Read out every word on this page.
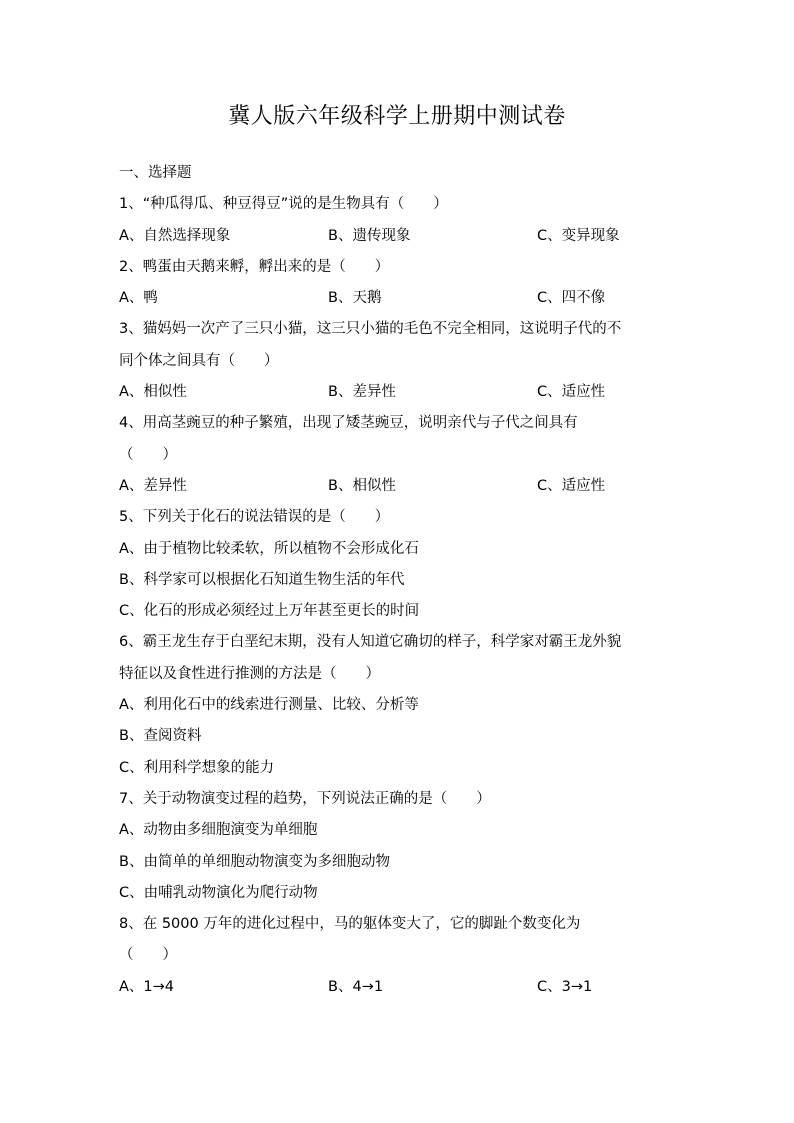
冀人版六年级科学上册期中测试卷
一、选择题
1、“种瓜得瓜、种豆得豆”说的是生物具有（　　）
A、自然选择现象	B、遗传现象	C、变异现象
2、鸭蛋由天鹅来孵，孵出来的是（　　）
A、鸭	B、天鹅	C、四不像
3、猫妈妈一次产了三只小猫，这三只小猫的毛色不完全相同，这说明子代的不
同个体之间具有（　　）
A、相似性	B、差异性	C、适应性
4、用高茎豌豆的种子繁殖，出现了矮茎豌豆，说明亲代与子代之间具有
（　　）
A、差异性	B、相似性	C、适应性
5、下列关于化石的说法错误的是（　　）
A、由于植物比较柔软，所以植物不会形成化石
B、科学家可以根据化石知道生物生活的年代
C、化石的形成必须经过上万年甚至更长的时间
6、霸王龙生存于白垩纪末期，没有人知道它确切的样子，科学家对霸王龙外貌
特征以及食性进行推测的方法是（　　）
A、利用化石中的线索进行测量、比较、分析等
B、查阅资料
C、利用科学想象的能力
7、关于动物演变过程的趋势，下列说法正确的是（　　）
A、动物由多细胞演变为单细胞
B、由简单的单细胞动物演变为多细胞动物
C、由哺乳动物演化为爬行动物
8、在 5000 万年的进化过程中，马的躯体变大了，它的脚趾个数变化为
（　　）
A、1→4	B、4→1	C、3→1
